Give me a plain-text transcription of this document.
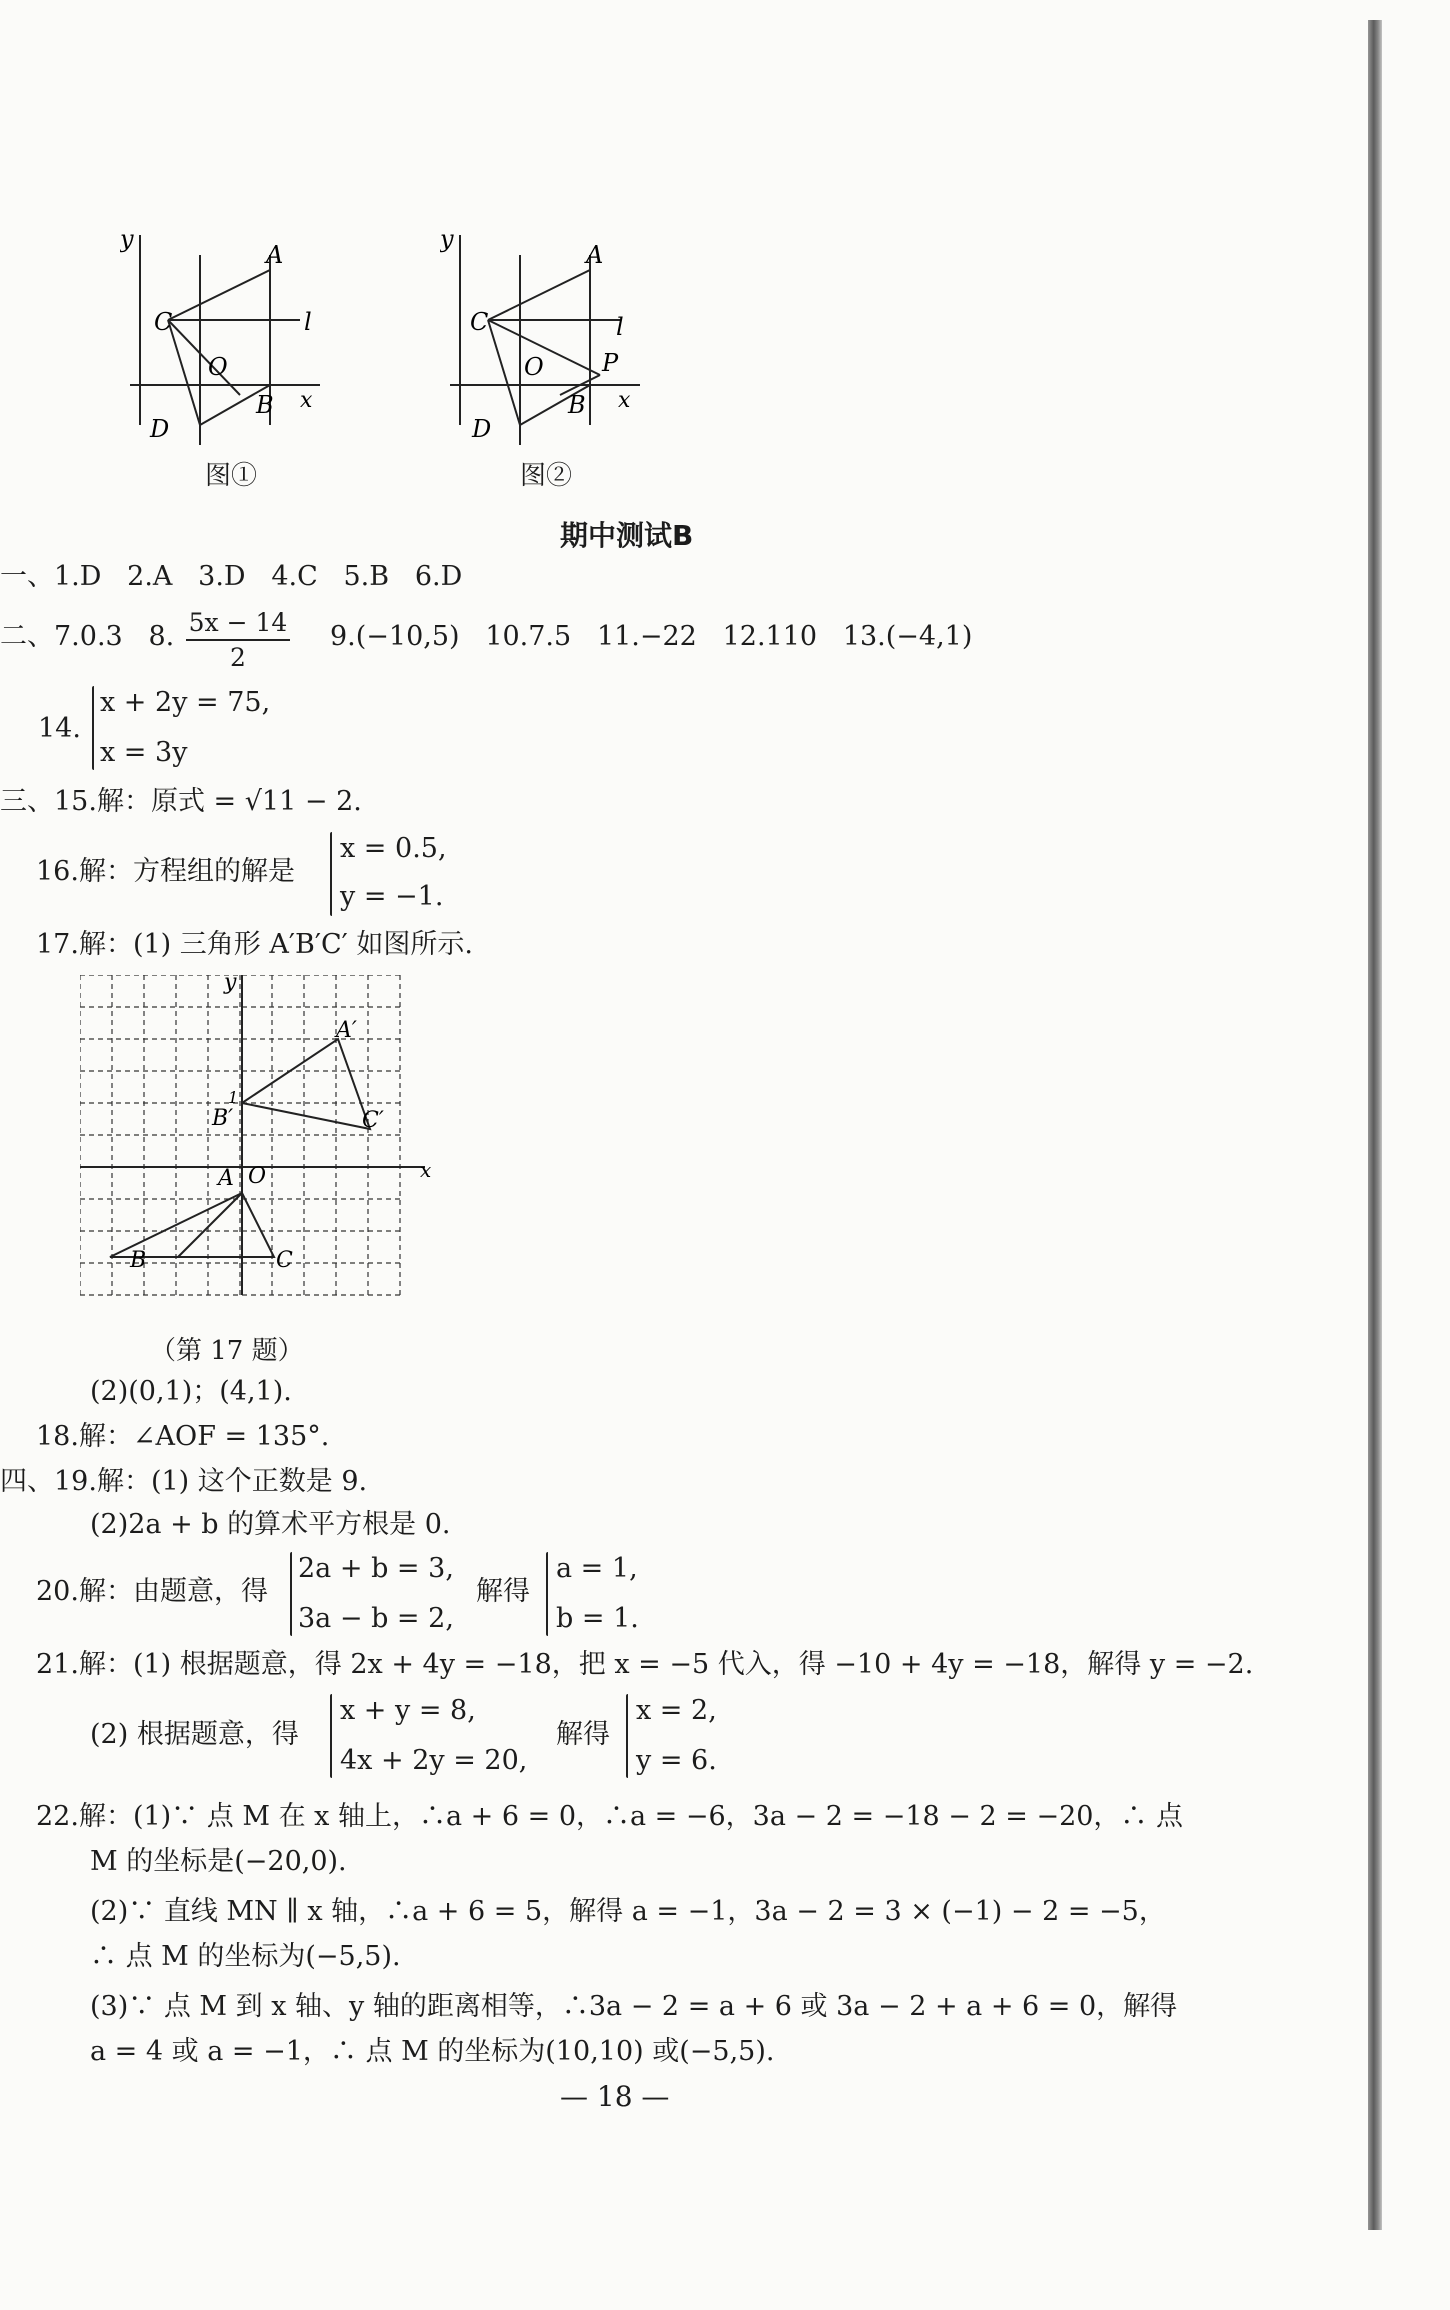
y
A
C	l
O
B x
D
图①
y
A
C	l
O P
B x
D
图②
期中测试B
一、1.D   2.A   3.D   4.C   5.B   6.D
二、7.0.3   8. 5x − 14
2
9.(−10,5)   10.7.5   11.−22   12.110   13.(−4,1)
14.
x + 2y = 75,
x = 3y
三、15.解：原式 = √11 − 2.
16.解：方程组的解是
x = 0.5,
y = −1.
17.解：(1) 三角形 A′B′C′ 如图所示.
y
A′
B′
1
C′
A O	x
B	C
（第 17 题）
(2)(0,1)；(4,1).
18.解：∠AOF = 135°.
四、19.解：(1) 这个正数是 9.
(2)2a + b 的算术平方根是 0.
20.解：由题意，得
2a + b = 3,
3a − b = 2,
解得
a = 1,
b = 1.
21.解：(1) 根据题意，得 2x + 4y = −18，把 x = −5 代入，得 −10 + 4y = −18，解得 y = −2.
(2) 根据题意，得
x + y = 8,
4x + 2y = 20,
解得
x = 2,
y = 6.
22.解：(1)∵ 点 M 在 x 轴上，∴a + 6 = 0，∴a = −6，3a − 2 = −18 − 2 = −20，∴ 点
M 的坐标是(−20,0).
(2)∵ 直线 MN ∥ x 轴，∴a + 6 = 5，解得 a = −1，3a − 2 = 3 × (−1) − 2 = −5，
∴ 点 M 的坐标为(−5,5).
(3)∵ 点 M 到 x 轴、y 轴的距离相等，∴3a − 2 = a + 6 或 3a − 2 + a + 6 = 0，解得
a = 4 或 a = −1，∴ 点 M 的坐标为(10,10) 或(−5,5).
— 18 —
